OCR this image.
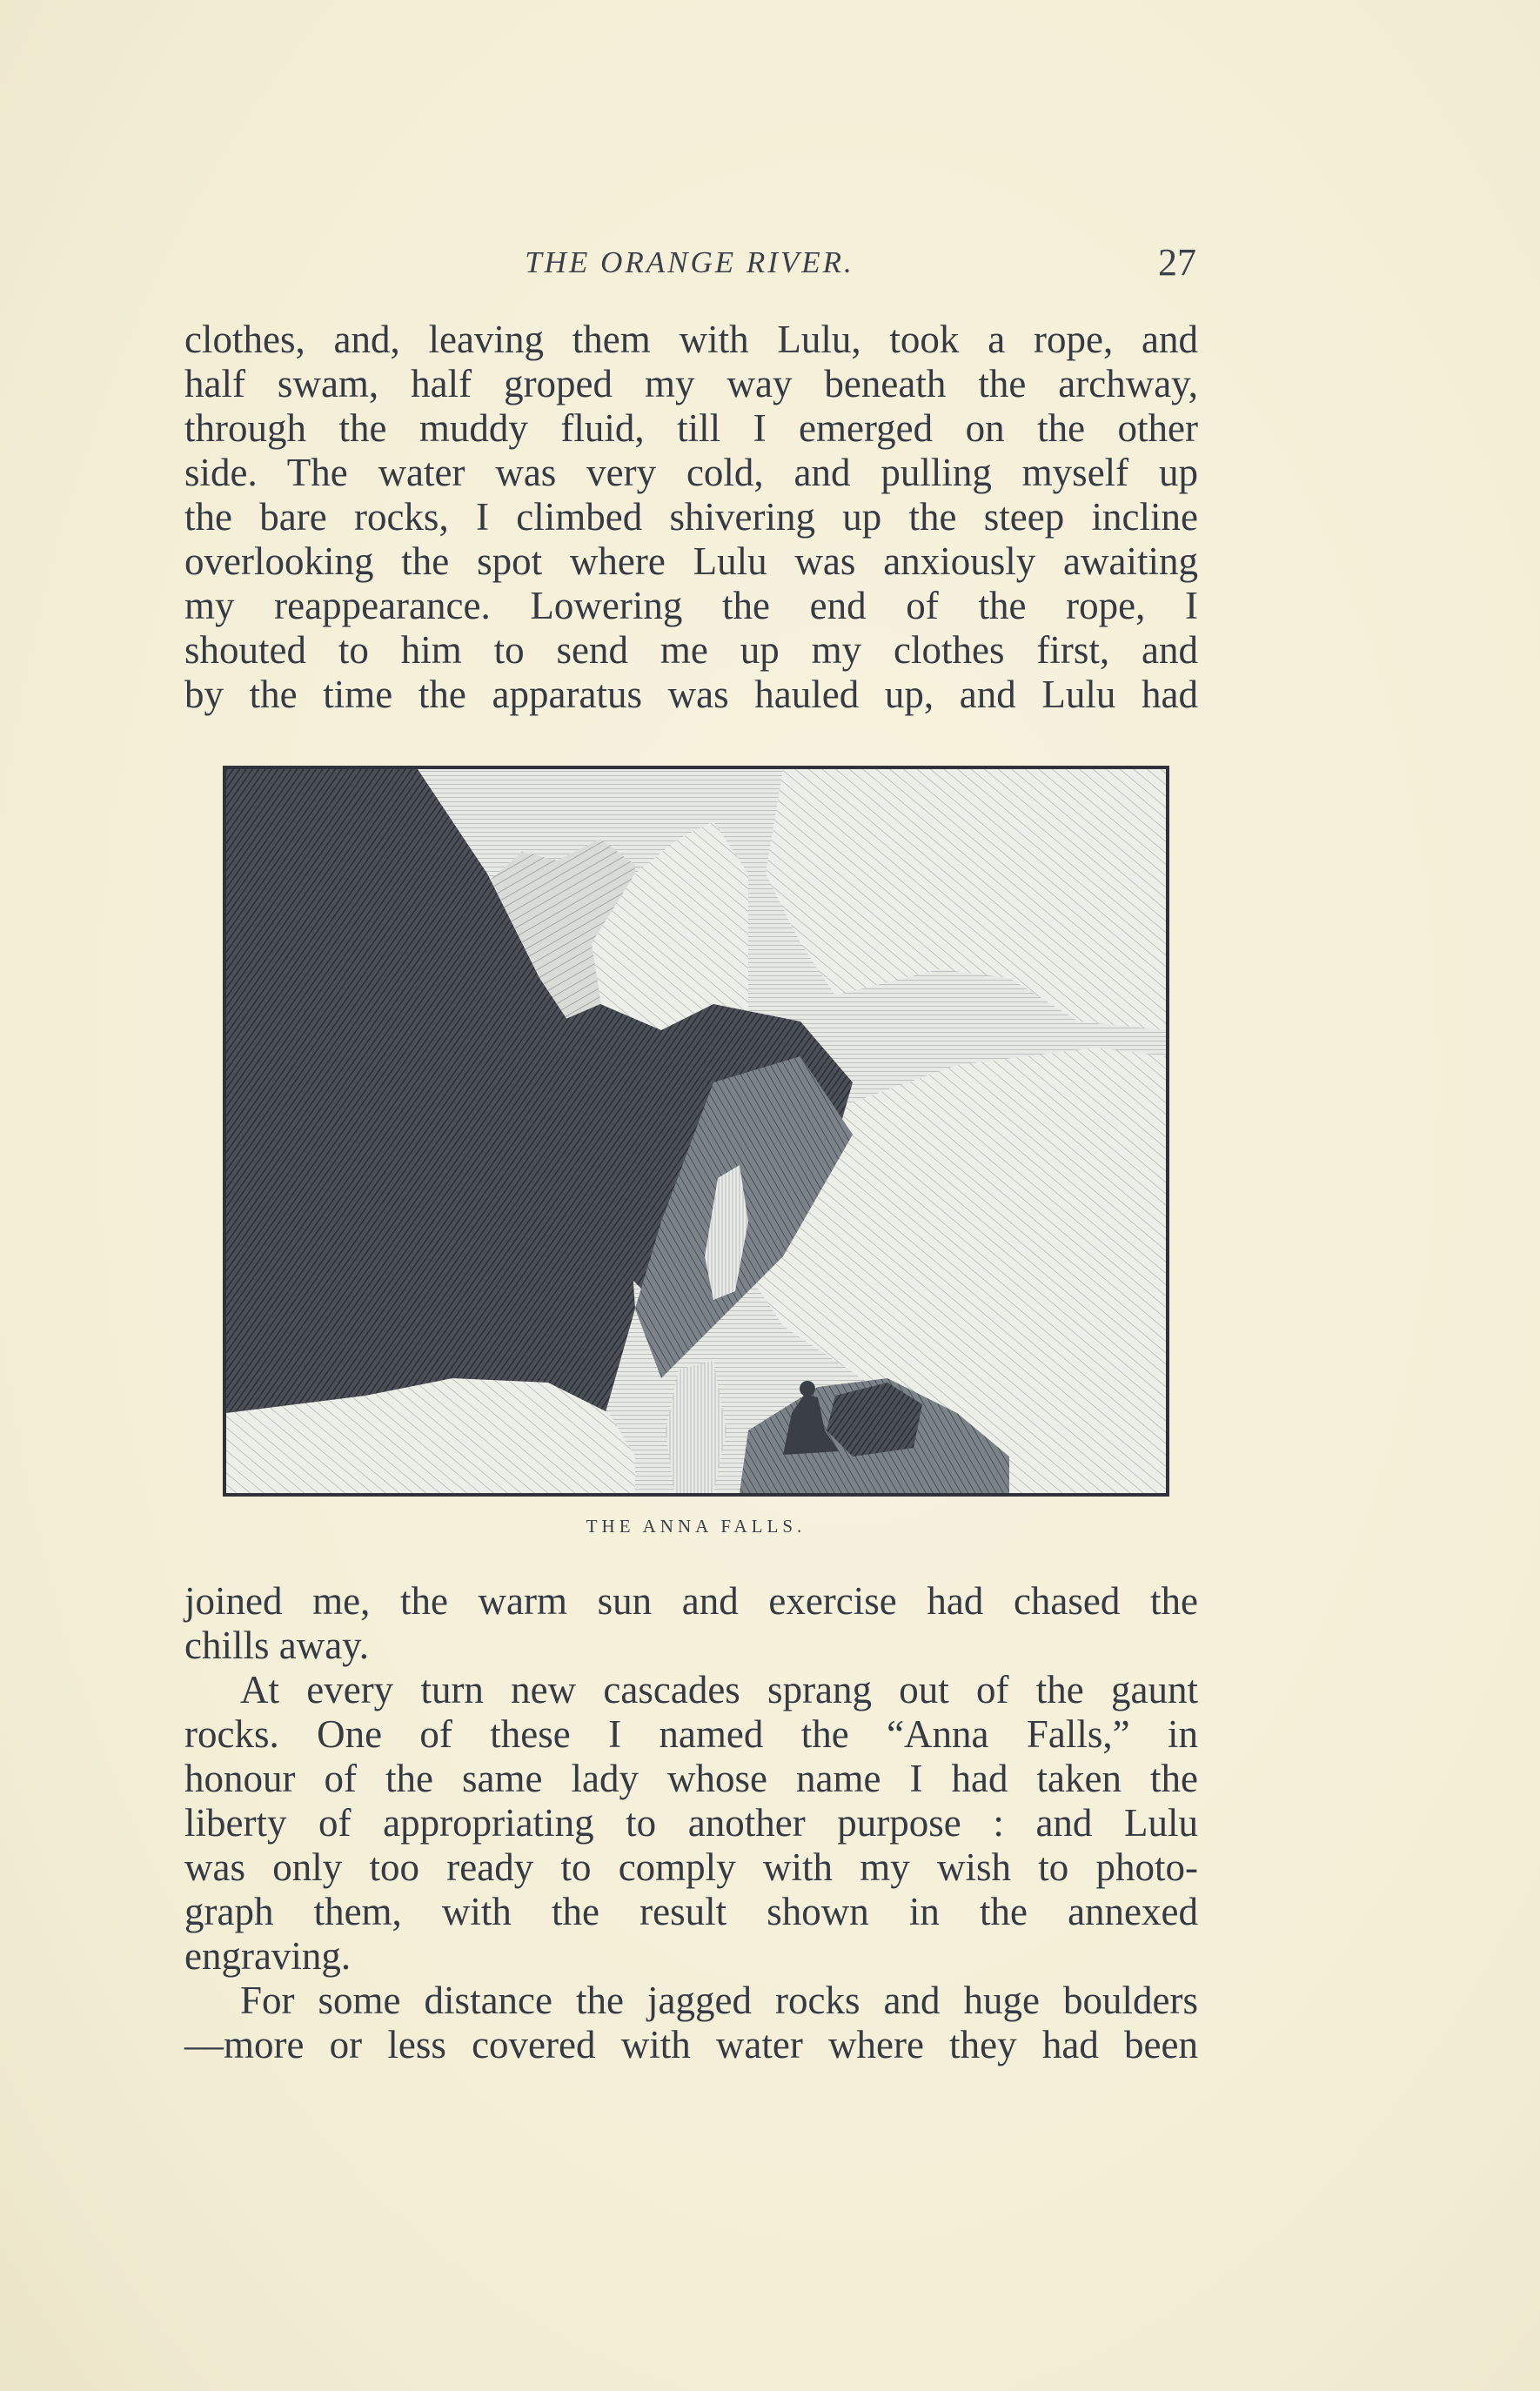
THE ORANGE RIVER.	27
clothes, and, leaving them with Lulu, took a rope, and
half swam, half groped my way beneath the archway,
through the muddy fluid, till I emerged on the other
side. The water was very cold, and pulling myself up
the bare rocks, I climbed shivering up the steep incline
overlooking the spot where Lulu was anxiously awaiting
my reappearance. Lowering the end of the rope, I
shouted to him to send me up my clothes first, and
by the time the apparatus was hauled up, and Lulu had
THE ANNA FALLS.
joined me, the warm sun and exercise had chased the
chills away.
At every turn new cascades sprang out of the gaunt
rocks. One of these I named the “Anna Falls,” in
honour of the same lady whose name I had taken the
liberty of appropriating to another purpose : and Lulu
was only too ready to comply with my wish to photo-
graph them, with the result shown in the annexed
engraving.
For some distance the jagged rocks and huge boulders
—more or less covered with water where they had been
